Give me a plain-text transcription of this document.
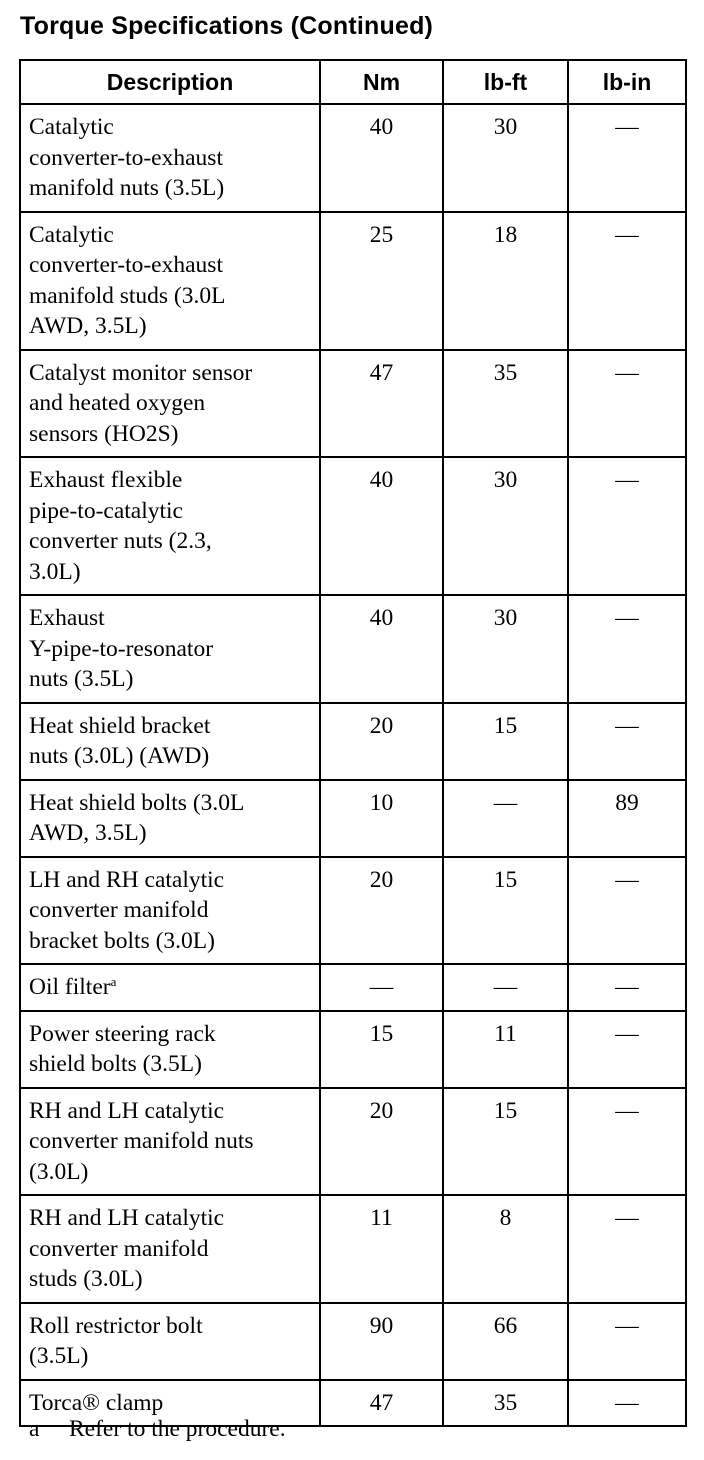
Torque Specifications (Continued)
Description	Nm	lb-ft	lb-in
Catalytic
converter-to-exhaust
manifold nuts (3.5L)	40	30	—
Catalytic
converter-to-exhaust
manifold studs (3.0L
AWD, 3.5L)	25	18	—
Catalyst monitor sensor
and heated oxygen
sensors (HO2S)	47	35	—
Exhaust flexible
pipe-to-catalytic
converter nuts (2.3,
3.0L)	40	30	—
Exhaust
Y-pipe-to-resonator
nuts (3.5L)	40	30	—
Heat shield bracket
nuts (3.0L) (AWD)	20	15	—
Heat shield bolts (3.0L
AWD, 3.5L)	10	—	89
LH and RH catalytic
converter manifold
bracket bolts (3.0L)	20	15	—
Oil filter$^a$	—	—	—
Power steering rack
shield bolts (3.5L)	15	11	—
RH and LH catalytic
converter manifold nuts
(3.0L)	20	15	—
RH and LH catalytic
converter manifold
studs (3.0L)	11	8	—
Roll restrictor bolt
(3.5L)	90	66	—
Torca® clamp	47	35	—
a Refer to the procedure.
